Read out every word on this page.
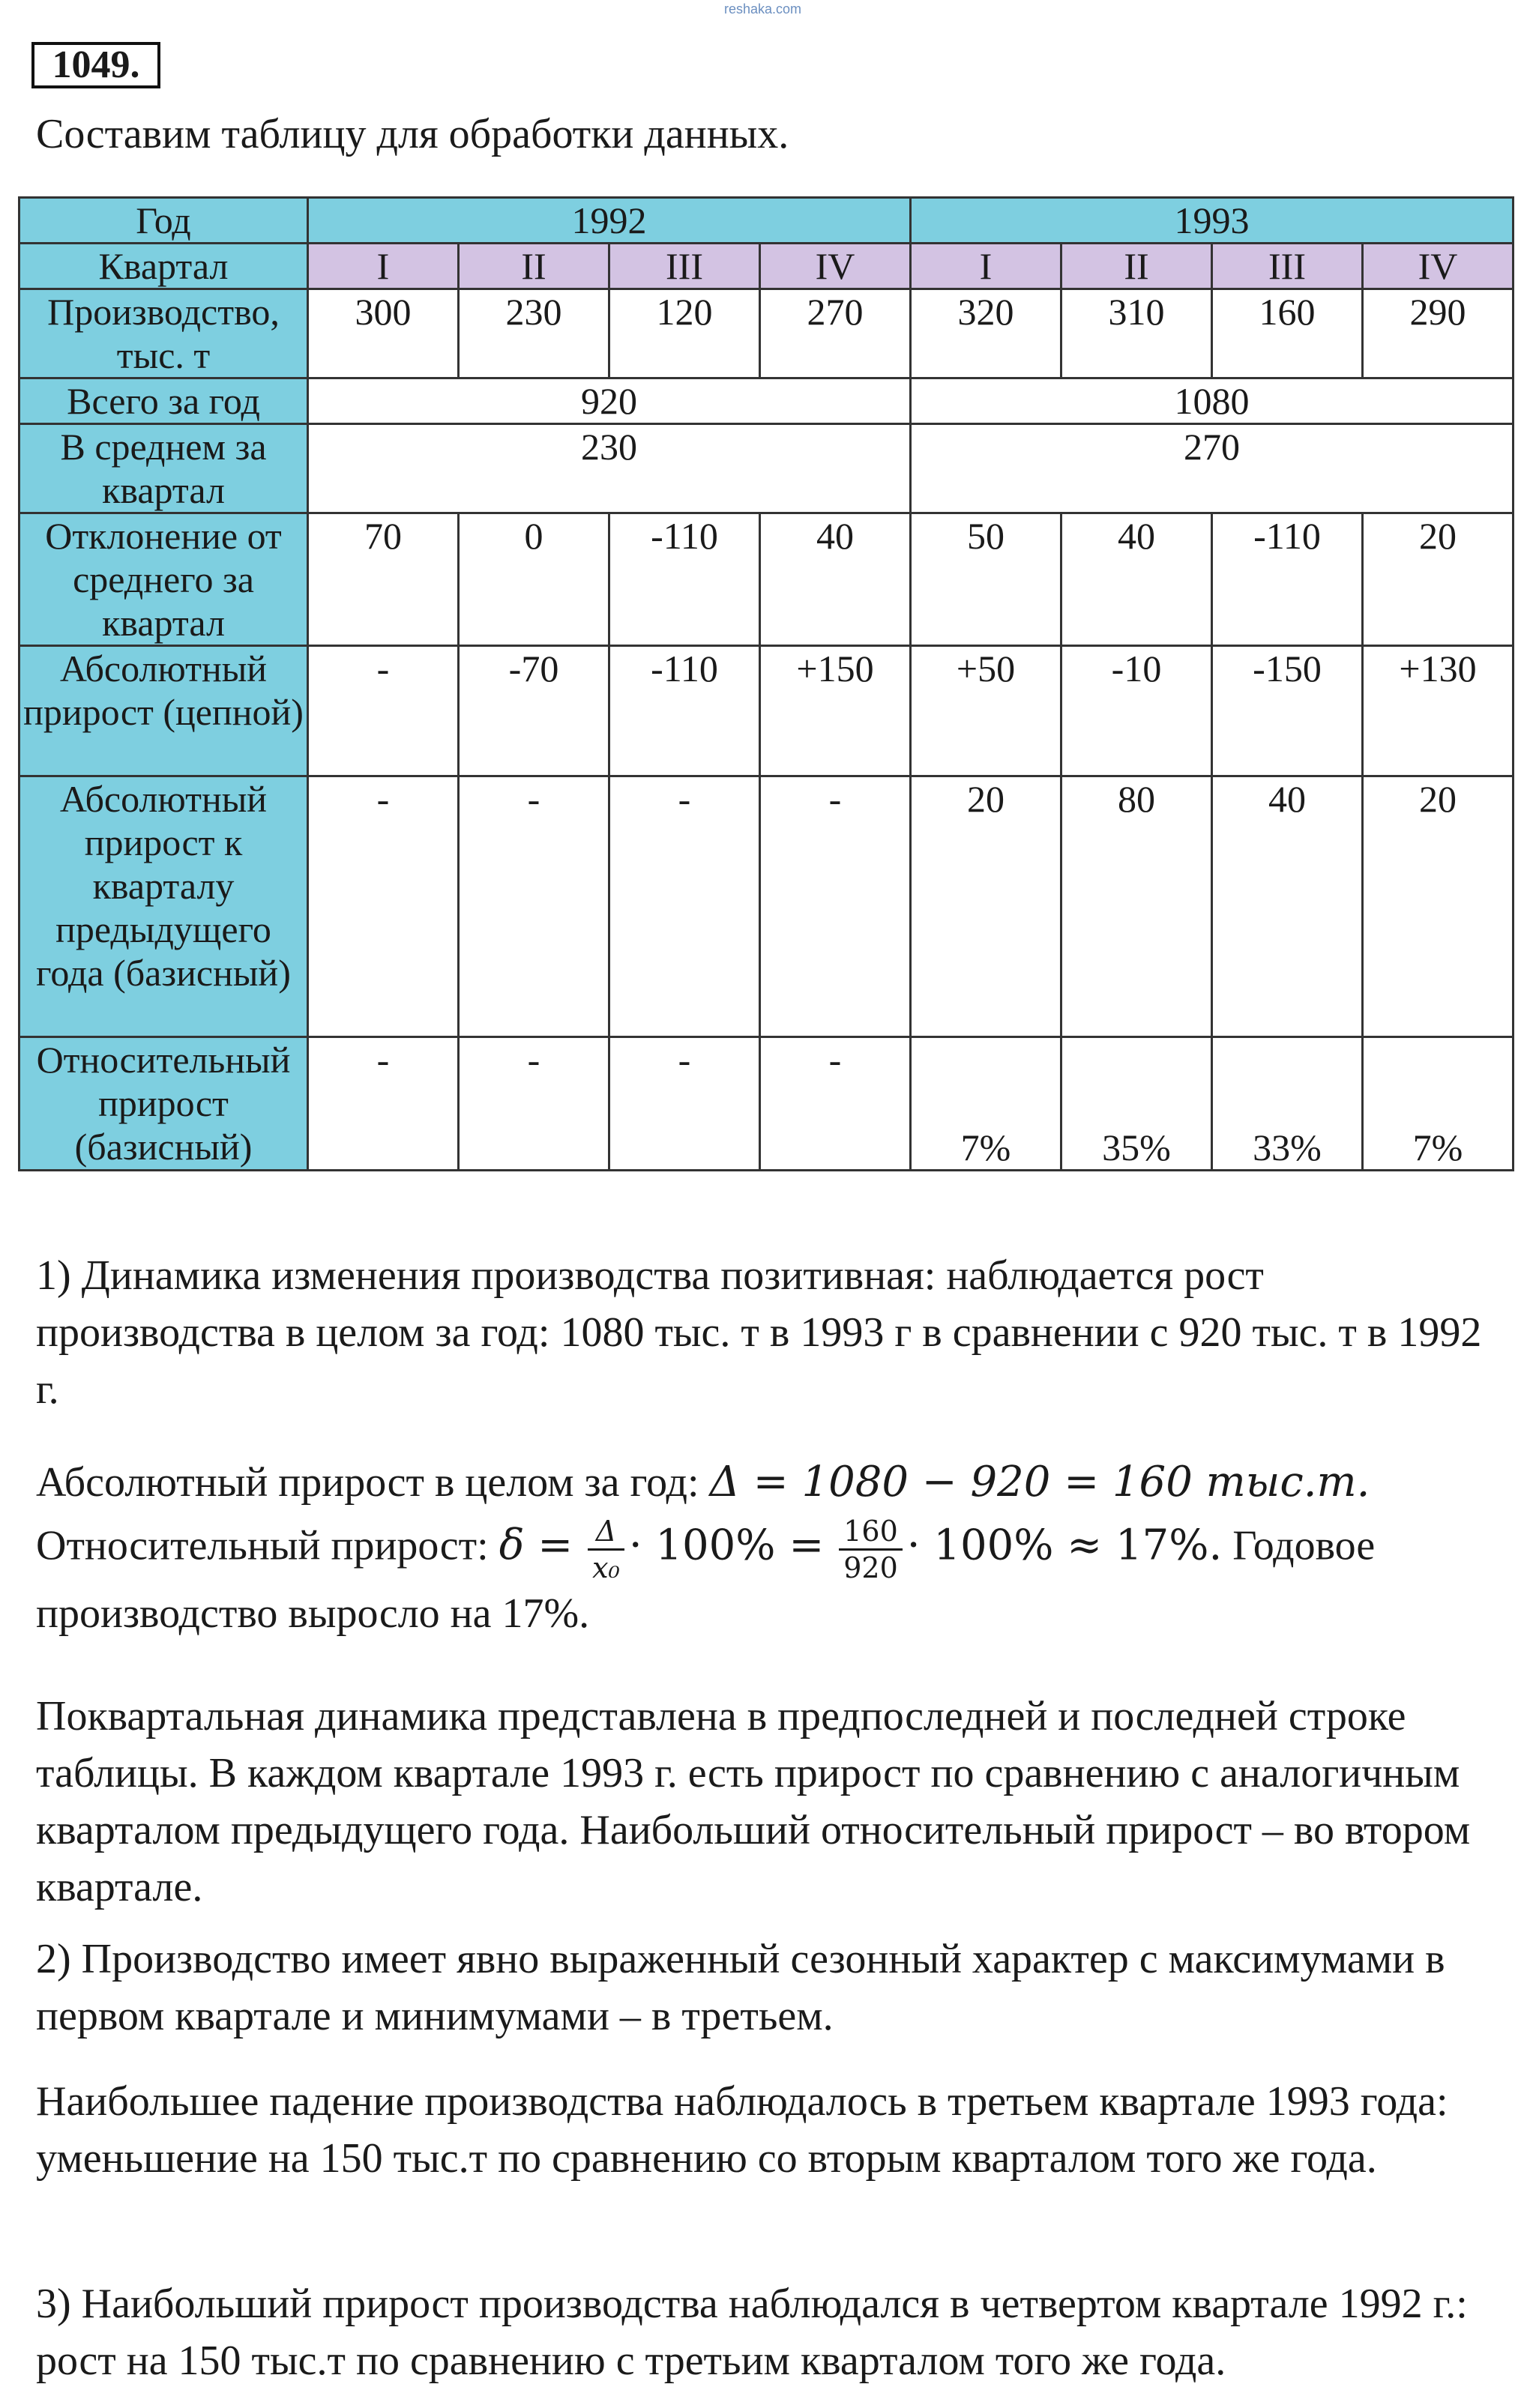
reshaka.com
1049.
Составим таблицу для обработки данных.
Год	1992				1993			
Квартал	I	II	III	IV	I	II	III	IV
Производство, тыс. т	300	230	120	270	320	310	160	290
Всего за год	920				1080			
В среднем за квартал	230				270			
Отклонение от среднего за квартал	70	0	-110	40	50	40	-110	20
Абсолютный прирост (цепной)	-	-70	-110	+150	+50	-10	-150	+130
Абсолютный прирост к кварталу предыдущего года (базисный)	-	-	-	-	20	80	40	20
Относительный прирост (базисный)	-	-	-	-	7%	35%	33%	7%
1) Динамика изменения производства позитивная: наблюдается рост производства в целом за год: 1080 тыс. т в 1993 г в сравнении с 920 тыс. т в 1992 г.
Абсолютный прирост в целом за год: Δ = 1080 − 920 = 160 тыс.т.
Относительный прирост: $\delta = \frac{\Delta}{\text{x₀}} \cdot 100\% = \frac{160}{920} \cdot 100\% \approx 17\%$. Годовое производство выросло на 17%.
Поквартальная динамика представлена в предпоследней и последней строке таблицы. В каждом квартале 1993 г. есть прирост по сравнению с аналогичным кварталом предыдущего года. Наибольший относительный прирост – во втором квартале.
2) Производство имеет явно выраженный сезонный характер с максимумами в первом квартале и минимумами – в третьем.
Наибольшее падение производства наблюдалось в третьем квартале 1993 года: уменьшение на 150 тыс.т по сравнению со вторым кварталом того же года.
3) Наибольший прирост производства наблюдался в четвертом квартале 1992 г.: рост на 150 тыс.т по сравнению с третьим кварталом того же года.
